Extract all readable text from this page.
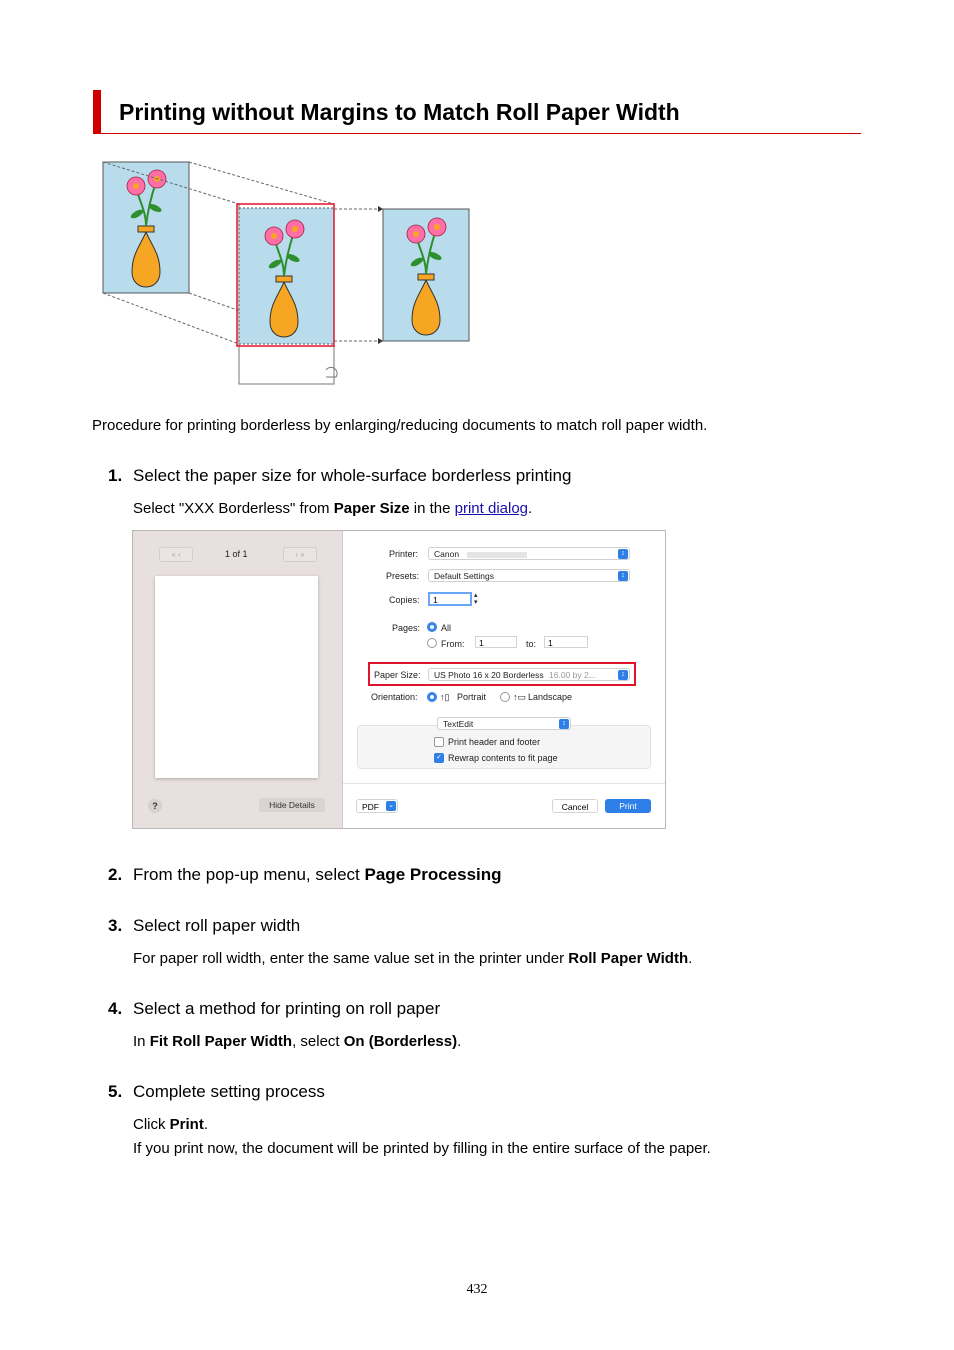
Printing without Margins to Match Roll Paper Width
Procedure for printing borderless by enlarging/reducing documents to match roll paper width.
1. Select the paper size for whole-surface borderless printing
Select "XXX Borderless" from Paper Size in the print dialog.
« ‹	1 of 1	› »
?	Hide Details
Printer:	Canon	↕
Presets:	Default Settings	↕
Copies:	1	▴
▾
Pages: All
From:	1	to:	1
Paper Size:	US Photo 16 x 20 Borderless 16.00 by 2...	↕
Orientation: ↑▯ Portrait	↑▭ Landscape
TextEdit	↕
Print header and footer
✓ Rewrap contents to fit page
PDF ⌄	Cancel	Print
2. From the pop-up menu, select Page Processing
3. Select roll paper width
For paper roll width, enter the same value set in the printer under Roll Paper Width.
4. Select a method for printing on roll paper
In Fit Roll Paper Width, select On (Borderless).
5. Complete setting process
Click Print.
If you print now, the document will be printed by filling in the entire surface of the paper.
432
